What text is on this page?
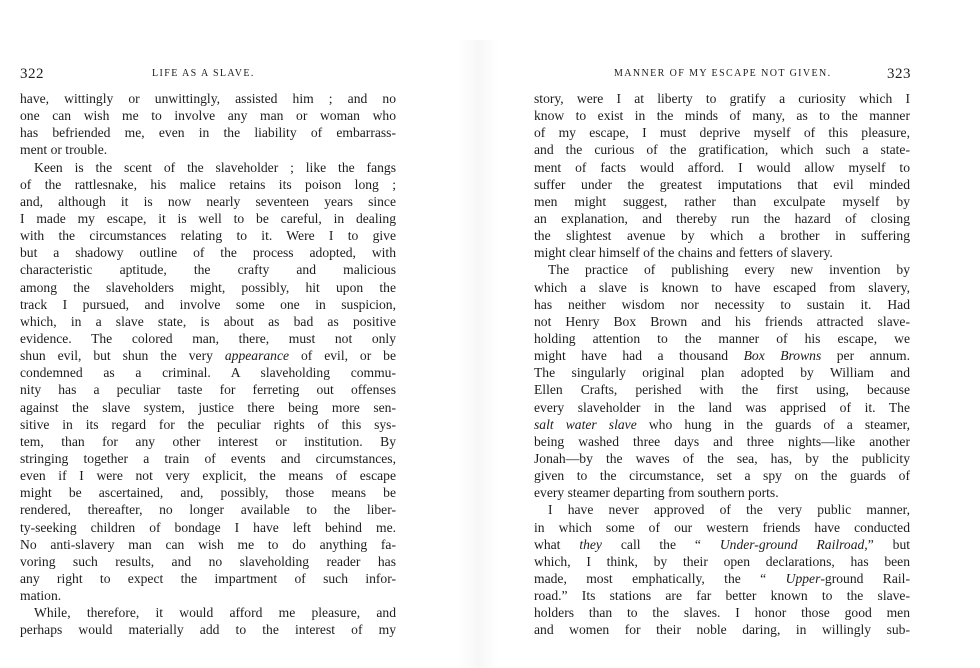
322	LIFE AS A SLAVE.
have, wittingly or unwittingly, assisted him ; and no
one can wish me to involve any man or woman who
has befriended me, even in the liability of embarrass-
ment or trouble.
Keen is the scent of the slaveholder ; like the fangs
of the rattlesnake, his malice retains its poison long ;
and, although it is now nearly seventeen years since
I made my escape, it is well to be careful, in dealing
with the circumstances relating to it. Were I to give
but a shadowy outline of the process adopted, with
characteristic aptitude, the crafty and malicious
among the slaveholders might, possibly, hit upon the
track I pursued, and involve some one in suspicion,
which, in a slave state, is about as bad as positive
evidence. The colored man, there, must not only
shun evil, but shun the very appearance of evil, or be
condemned as a criminal. A slaveholding commu-
nity has a peculiar taste for ferreting out offenses
against the slave system, justice there being more sen-
sitive in its regard for the peculiar rights of this sys-
tem, than for any other interest or institution. By
stringing together a train of events and circumstances,
even if I were not very explicit, the means of escape
might be ascertained, and, possibly, those means be
rendered, thereafter, no longer available to the liber-
ty-seeking children of bondage I have left behind me.
No anti-slavery man can wish me to do anything fa-
voring such results, and no slaveholding reader has
any right to expect the impartment of such infor-
mation.
While, therefore, it would afford me pleasure, and
perhaps would materially add to the interest of my
MANNER OF MY ESCAPE NOT GIVEN.	323
story, were I at liberty to gratify a curiosity which I
know to exist in the minds of many, as to the manner
of my escape, I must deprive myself of this pleasure,
and the curious of the gratification, which such a state-
ment of facts would afford. I would allow myself to
suffer under the greatest imputations that evil minded
men might suggest, rather than exculpate myself by
an explanation, and thereby run the hazard of closing
the slightest avenue by which a brother in suffering
might clear himself of the chains and fetters of slavery.
The practice of publishing every new invention by
which a slave is known to have escaped from slavery,
has neither wisdom nor necessity to sustain it. Had
not Henry Box Brown and his friends attracted slave-
holding attention to the manner of his escape, we
might have had a thousand Box Browns per annum.
The singularly original plan adopted by William and
Ellen Crafts, perished with the first using, because
every slaveholder in the land was apprised of it. The
salt water slave who hung in the guards of a steamer,
being washed three days and three nights—like another
Jonah—by the waves of the sea, has, by the publicity
given to the circumstance, set a spy on the guards of
every steamer departing from southern ports.
I have never approved of the very public manner,
in which some of our western friends have conducted
what they call the “ Under-ground Railroad,” but
which, I think, by their open declarations, has been
made, most emphatically, the “ Upper-ground Rail-
road.” Its stations are far better known to the slave-
holders than to the slaves. I honor those good men
and women for their noble daring, in willingly sub-
